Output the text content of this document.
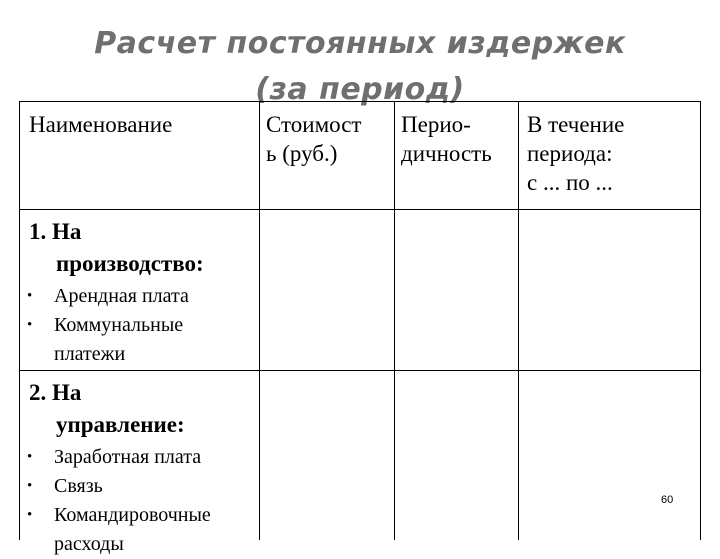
Расчет постоянных издержек
(за период)
Наименование	Стоимост
ь (руб.)
Перио-
дичность
В течение
периода:
с ... по ...
1. На
производство:
• Арендная плата
• Коммунальные платежи
2. На
управление:
• Заработная плата
• Связь
• Командировочные расходы
60
